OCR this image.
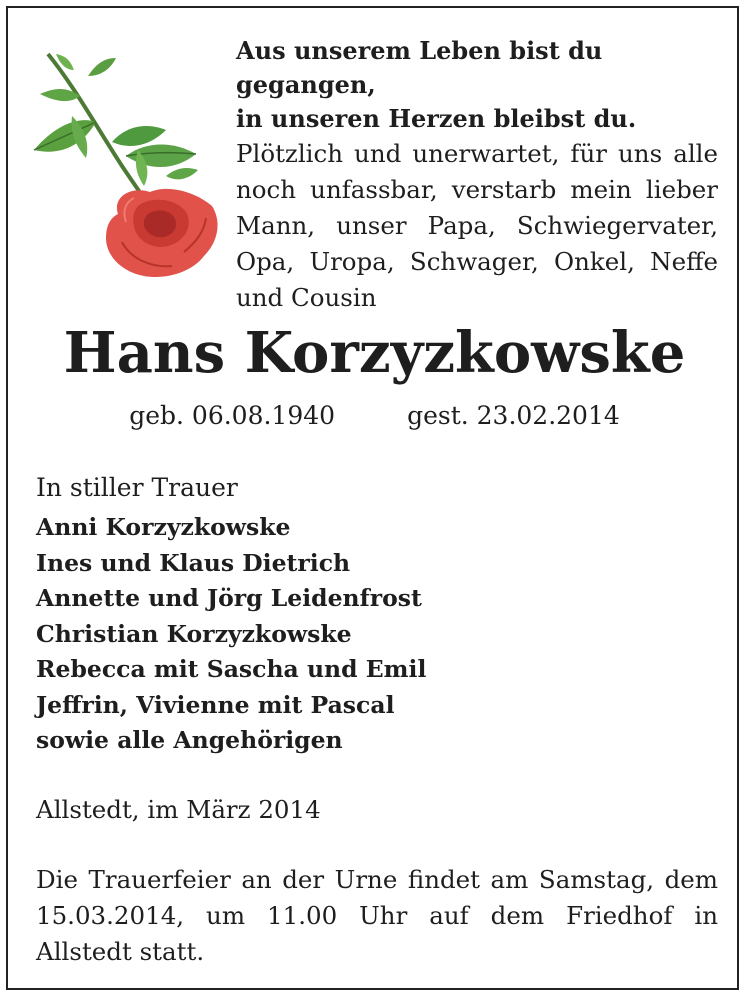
Aus unserem Leben bist du gegangen,
in unseren Herzen bleibst du.

Plötzlich und unerwartet, für uns alle noch unfassbar, verstarb mein lieber Mann, unser Papa, Schwiegervater, Opa, Uropa, Schwager, Onkel, Neffe und Cousin

Hans Korzyzkowske
geb. 06.08.1940	gest. 23.02.2014
In stiller Trauer
Anni Korzyzkowske
Ines und Klaus Dietrich
Annette und Jörg Leidenfrost
Christian Korzyzkowske
Rebecca mit Sascha und Emil
Jeffrin, Vivienne mit Pascal
sowie alle Angehörigen
Allstedt, im März 2014

Die Trauerfeier an der Urne findet am Samstag, dem 15.03.2014, um 11.00 Uhr auf dem Friedhof in Allstedt statt.
